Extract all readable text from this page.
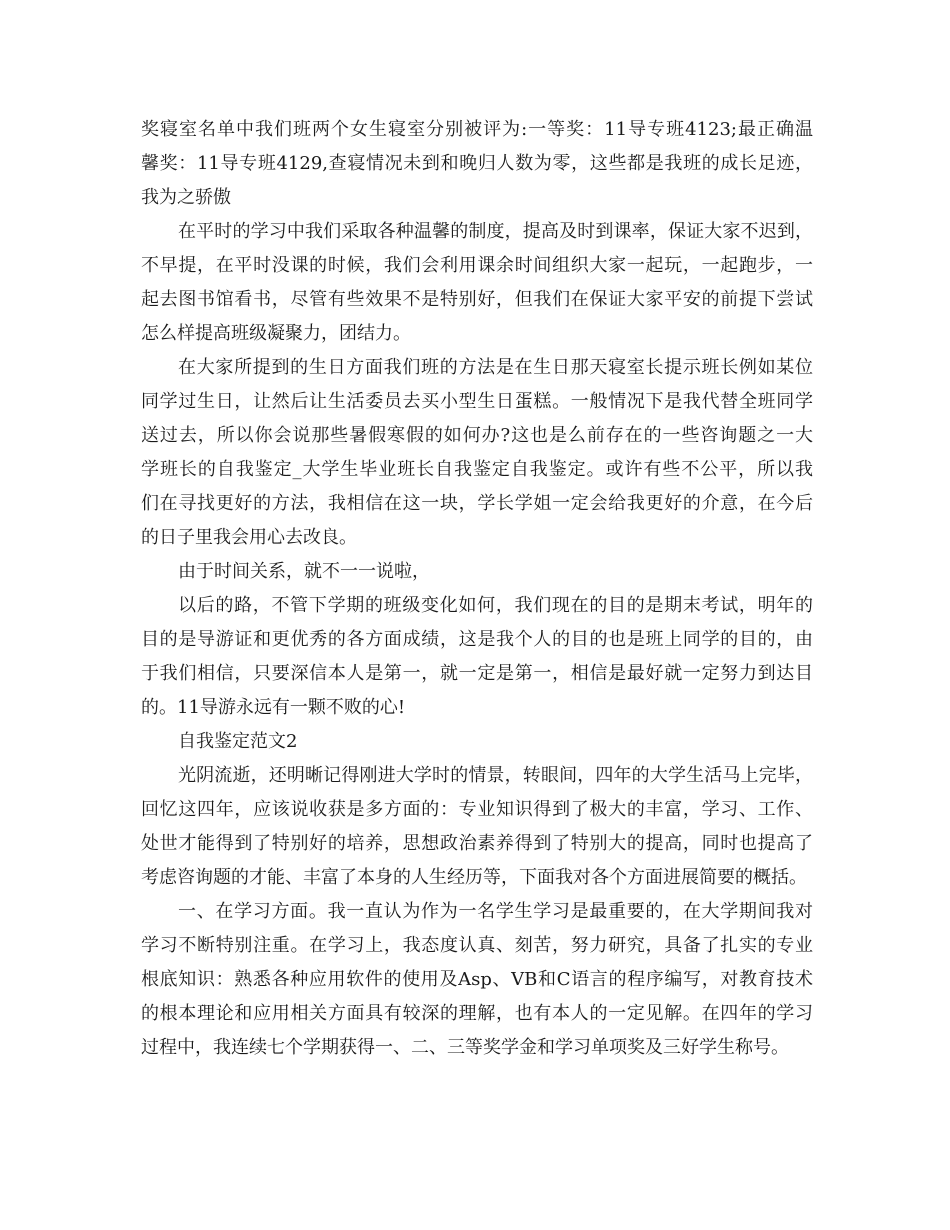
奖寝室名单中我们班两个女生寝室分别被评为:一等奖：11导专班4123;最正确温
馨奖：11导专班4129,查寝情况未到和晚归人数为零，这些都是我班的成长足迹，
我为之骄傲
在平时的学习中我们采取各种温馨的制度，提高及时到课率，保证大家不迟到，
不早提，在平时没课的时候，我们会利用课余时间组织大家一起玩，一起跑步，一
起去图书馆看书，尽管有些效果不是特别好，但我们在保证大家平安的前提下尝试
怎么样提高班级凝聚力，团结力。
在大家所提到的生日方面我们班的方法是在生日那天寝室长提示班长例如某位
同学过生日，让然后让生活委员去买小型生日蛋糕。一般情况下是我代替全班同学
送过去，所以你会说那些暑假寒假的如何办?这也是么前存在的一些咨询题之一大
学班长的自我鉴定_大学生毕业班长自我鉴定自我鉴定。或许有些不公平，所以我
们在寻找更好的方法，我相信在这一块，学长学姐一定会给我更好的介意，在今后
的日子里我会用心去改良。
由于时间关系，就不一一说啦，
以后的路，不管下学期的班级变化如何，我们现在的目的是期末考试，明年的
目的是导游证和更优秀的各方面成绩，这是我个人的目的也是班上同学的目的，由
于我们相信，只要深信本人是第一，就一定是第一，相信是最好就一定努力到达目
的。11导游永远有一颗不败的心!
自我鉴定范文2
光阴流逝，还明晰记得刚进大学时的情景，转眼间，四年的大学生活马上完毕，
回忆这四年，应该说收获是多方面的：专业知识得到了极大的丰富，学习、工作、
处世才能得到了特别好的培养，思想政治素养得到了特别大的提高，同时也提高了
考虑咨询题的才能、丰富了本身的人生经历等，下面我对各个方面进展简要的概括。
一、在学习方面。我一直认为作为一名学生学习是最重要的，在大学期间我对
学习不断特别注重。在学习上，我态度认真、刻苦，努力研究，具备了扎实的专业
根底知识：熟悉各种应用软件的使用及Asp、VB和C语言的程序编写，对教育技术
的根本理论和应用相关方面具有较深的理解，也有本人的一定见解。在四年的学习
过程中，我连续七个学期获得一、二、三等奖学金和学习单项奖及三好学生称号。
